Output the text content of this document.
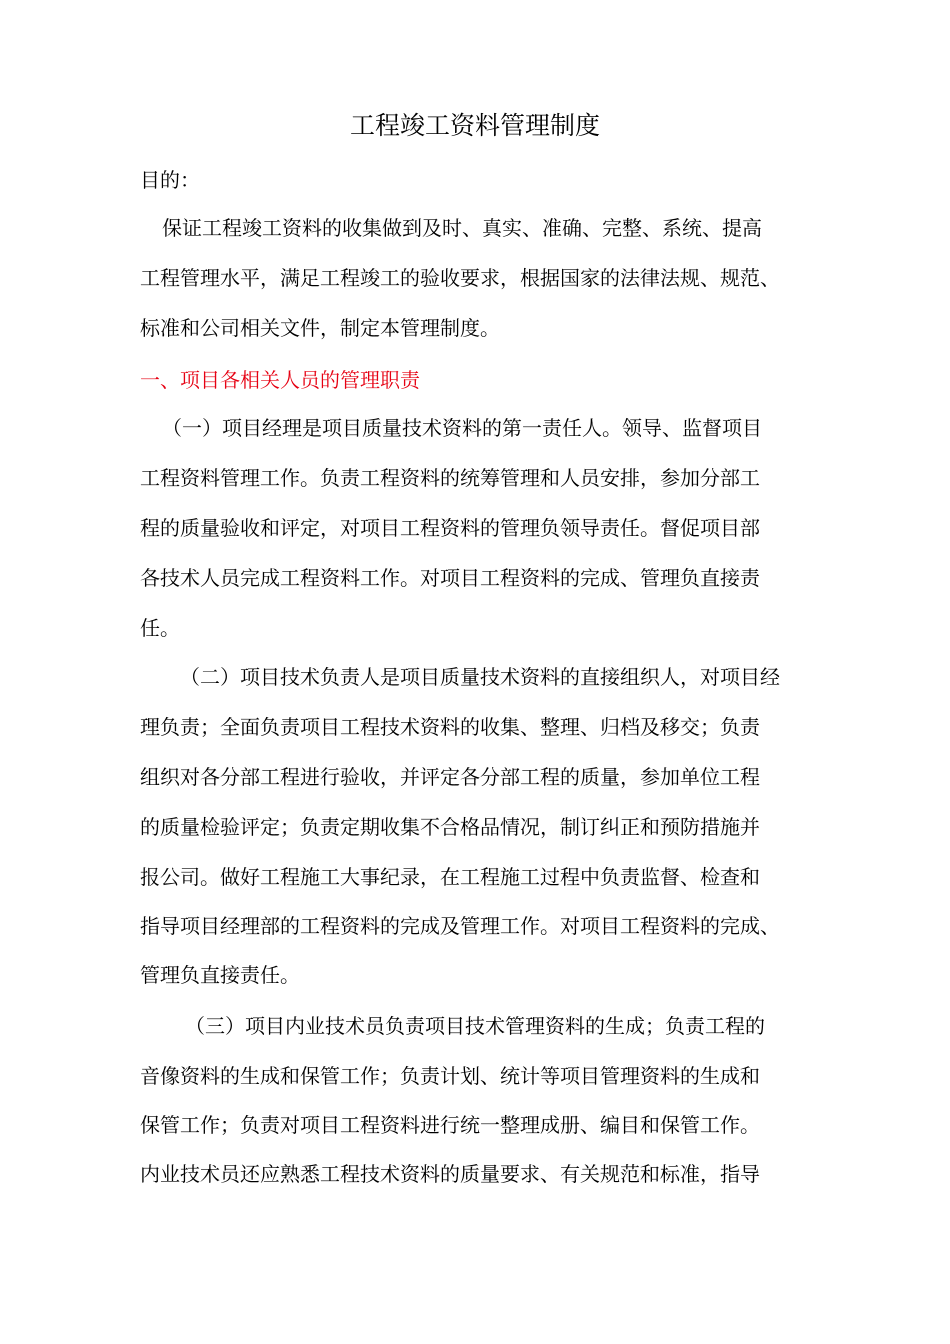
工程竣工资料管理制度

目的：

保证工程竣工资料的收集做到及时、真实、准确、完整、系统、提高

工程管理水平，满足工程竣工的验收要求，根据国家的法律法规、规范、

标准和公司相关文件，制定本管理制度。

一、项目各相关人员的管理职责

（一）项目经理是项目质量技术资料的第一责任人。领导、监督项目

工程资料管理工作。负责工程资料的统筹管理和人员安排，参加分部工

程的质量验收和评定，对项目工程资料的管理负领导责任。督促项目部

各技术人员完成工程资料工作。对项目工程资料的完成、管理负直接责

任。

（二）项目技术负责人是项目质量技术资料的直接组织人，对项目经

理负责；全面负责项目工程技术资料的收集、整理、归档及移交；负责

组织对各分部工程进行验收，并评定各分部工程的质量，参加单位工程

的质量检验评定；负责定期收集不合格品情况，制订纠正和预防措施并

报公司。做好工程施工大事纪录，在工程施工过程中负责监督、检查和

指导项目经理部的工程资料的完成及管理工作。对项目工程资料的完成、

管理负直接责任。

（三）项目内业技术员负责项目技术管理资料的生成；负责工程的

音像资料的生成和保管工作；负责计划、统计等项目管理资料的生成和

保管工作；负责对项目工程资料进行统一整理成册、编目和保管工作。

内业技术员还应熟悉工程技术资料的质量要求、有关规范和标准，指导
